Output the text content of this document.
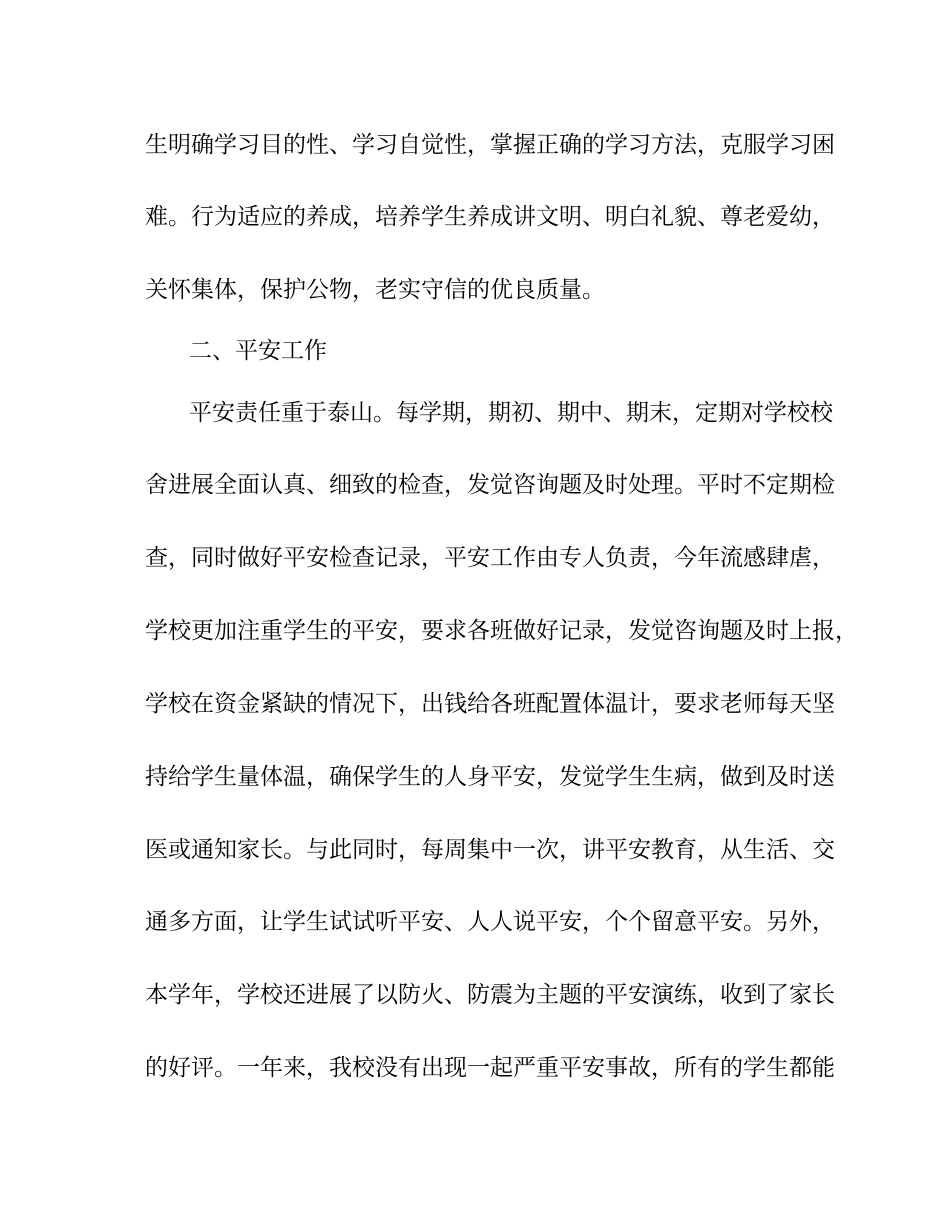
生明确学习目的性、学习自觉性，掌握正确的学习方法，克服学习困

难。行为适应的养成，培养学生养成讲文明、明白礼貌、尊老爱幼，

关怀集体，保护公物，老实守信的优良质量。

二、平安工作

平安责任重于泰山。每学期，期初、期中、期末，定期对学校校

舍进展全面认真、细致的检查，发觉咨询题及时处理。平时不定期检

查，同时做好平安检查记录，平安工作由专人负责，今年流感肆虐，

学校更加注重学生的平安，要求各班做好记录，发觉咨询题及时上报，

学校在资金紧缺的情况下，出钱给各班配置体温计，要求老师每天坚

持给学生量体温，确保学生的人身平安，发觉学生生病，做到及时送

医或通知家长。与此同时，每周集中一次，讲平安教育，从生活、交

通多方面，让学生试试听平安、人人说平安，个个留意平安。另外，

本学年，学校还进展了以防火、防震为主题的平安演练，收到了家长

的好评。一年来，我校没有出现一起严重平安事故，所有的学生都能
